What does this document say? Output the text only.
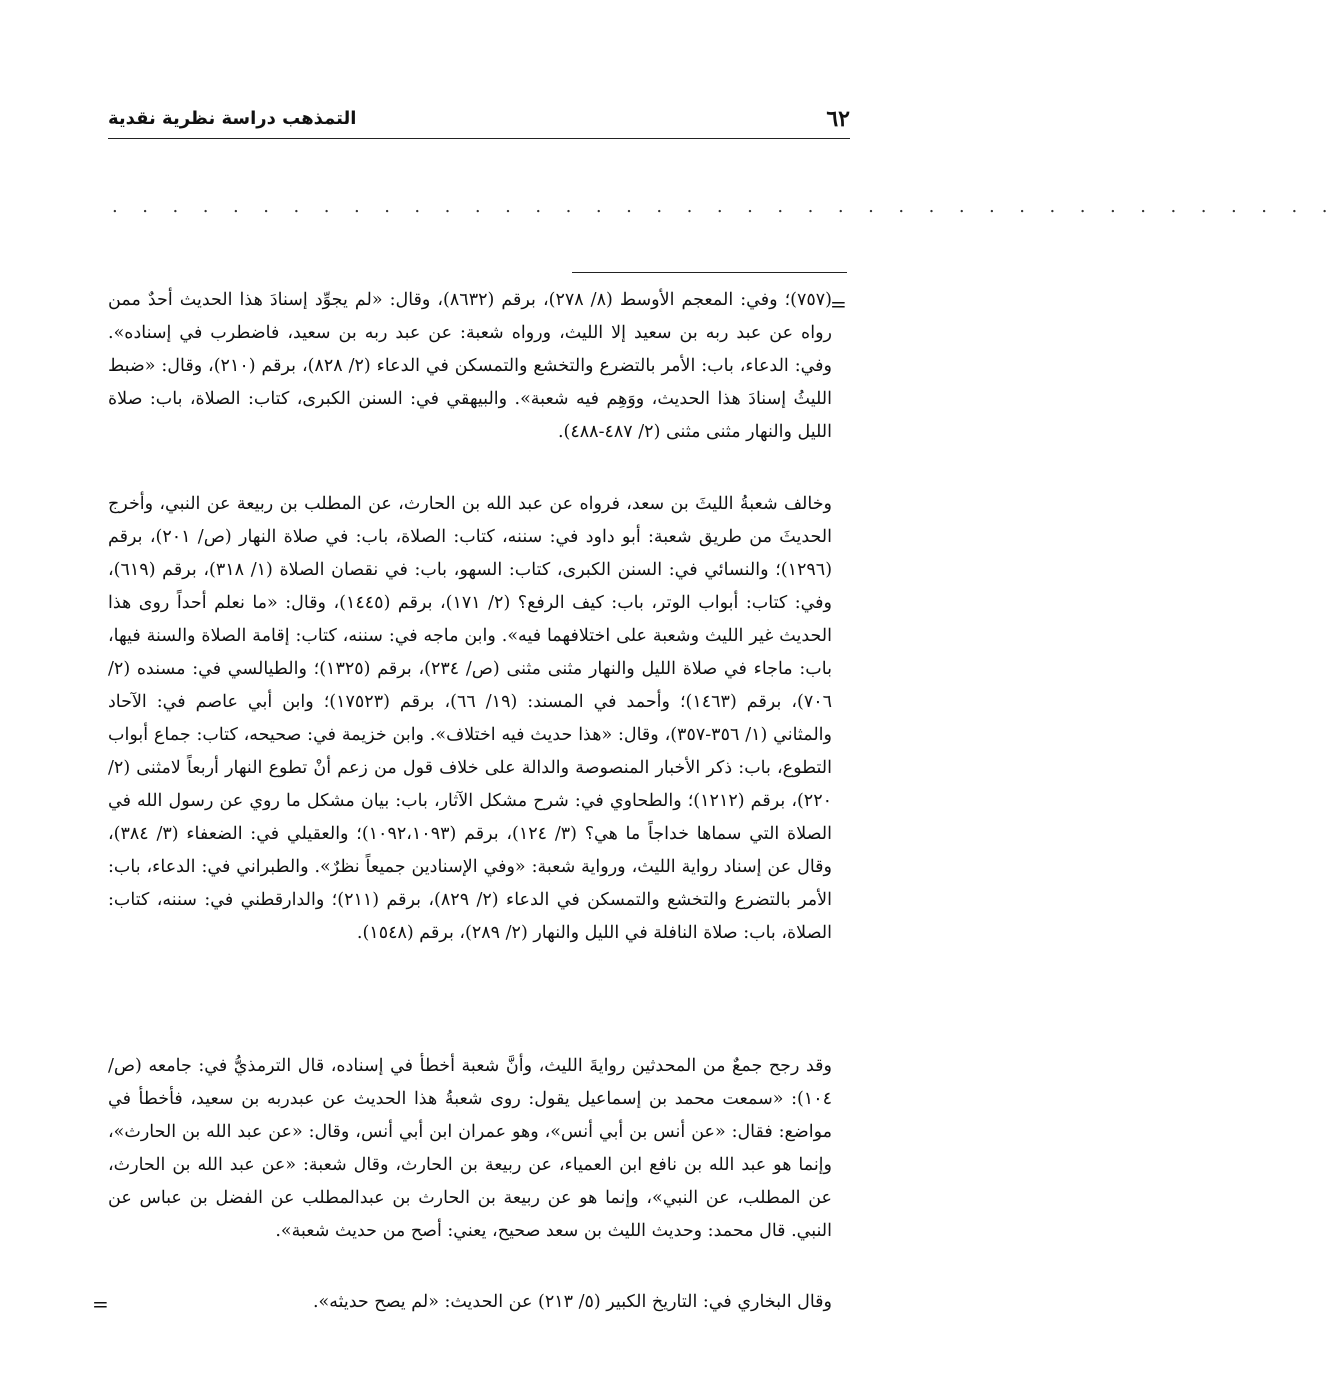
٦٢
التمذهب دراسة نظرية نقدية
. . . . . . . . . . . . . . . . . . . . . . . . . . . . . . . . . . . . . . . . .
=

(٧٥٧)؛ وفي: المعجم الأوسط (٨/ ٢٧٨)، برقم (٨٦٣٢)، وقال: «لم يجوِّد إسنادَ هذا الحديث أحدٌ ممن رواه عن عبد ربه بن سعيد إلا الليث، ورواه شعبة: عن عبد ربه بن سعيد، فاضطرب في إسناده». وفي: الدعاء، باب: الأمر بالتضرع والتخشع والتمسكن في الدعاء (٢/ ٨٢٨)، برقم (٢١٠)، وقال: «ضبط الليثُ إسنادَ هذا الحديث، ووَهِم فيه شعبة». والبيهقي في: السنن الكبرى، كتاب: الصلاة، باب: صلاة الليل والنهار مثنى مثنى (٢/ ٤٨٧-٤٨٨).

وخالف شعبةُ الليثَ بن سعد، فرواه عن عبد الله بن الحارث، عن المطلب بن ربيعة عن النبي، وأخرج الحديثَ من طريق شعبة: أبو داود في: سننه، كتاب: الصلاة، باب: في صلاة النهار (ص/ ٢٠١)، برقم (١٢٩٦)؛ والنسائي في: السنن الكبرى، كتاب: السهو، باب: في نقصان الصلاة (١/ ٣١٨)، برقم (٦١٩)، وفي: كتاب: أبواب الوتر، باب: كيف الرفع؟ (٢/ ١٧١)، برقم (١٤٤٥)، وقال: «ما نعلم أحداً روى هذا الحديث غير الليث وشعبة على اختلافهما فيه». وابن ماجه في: سننه، كتاب: إقامة الصلاة والسنة فيها، باب: ماجاء في صلاة الليل والنهار مثنى مثنى (ص/ ٢٣٤)، برقم (١٣٢٥)؛ والطيالسي في: مسنده (٢/ ٧٠٦)، برقم (١٤٦٣)؛ وأحمد في المسند: (١٩/ ٦٦)، برقم (١٧٥٢٣)؛ وابن أبي عاصم في: الآحاد والمثاني (١/ ٣٥٦-٣٥٧)، وقال: «هذا حديث فيه اختلاف». وابن خزيمة في: صحيحه، كتاب: جماع أبواب التطوع، باب: ذكر الأخبار المنصوصة والدالة على خلاف قول من زعم أنْ تطوع النهار أربعاً لامثنى (٢/ ٢٢٠)، برقم (١٢١٢)؛ والطحاوي في: شرح مشكل الآثار، باب: بيان مشكل ما روي عن رسول الله في الصلاة التي سماها خداجاً ما هي؟ (٣/ ١٢٤)، برقم (١٠٩٢،١٠٩٣)؛ والعقيلي في: الضعفاء (٣/ ٣٨٤)، وقال عن إسناد رواية الليث، ورواية شعبة: «وفي الإسنادين جميعاً نظرٌ». والطبراني في: الدعاء، باب: الأمر بالتضرع والتخشع والتمسكن في الدعاء (٢/ ٨٢٩)، برقم (٢١١)؛ والدارقطني في: سننه، كتاب: الصلاة، باب: صلاة النافلة في الليل والنهار (٢/ ٢٨٩)، برقم (١٥٤٨).

وقد رجح جمعٌ من المحدثين روايةَ الليث، وأنَّ شعبة أخطأ في إسناده، قال الترمذيُّ في: جامعه (ص/ ١٠٤): «سمعت محمد بن إسماعيل يقول: روى شعبةُ هذا الحديث عن عبدربه بن سعيد، فأخطأ في مواضع: فقال: «عن أنس بن أبي أنس»، وهو عمران ابن أبي أنس، وقال: «عن عبد الله بن الحارث»، وإنما هو عبد الله بن نافع ابن العمياء، عن ربيعة بن الحارث، وقال شعبة: «عن عبد الله بن الحارث، عن المطلب، عن النبي»، وإنما هو عن ربيعة بن الحارث بن عبدالمطلب عن الفضل بن عباس عن النبي. قال محمد: وحديث الليث بن سعد صحيح، يعني: أصح من حديث شعبة».

وقال البخاري في: التاريخ الكبير (٥/ ٢١٣) عن الحديث: «لم يصح حديثه».

=
